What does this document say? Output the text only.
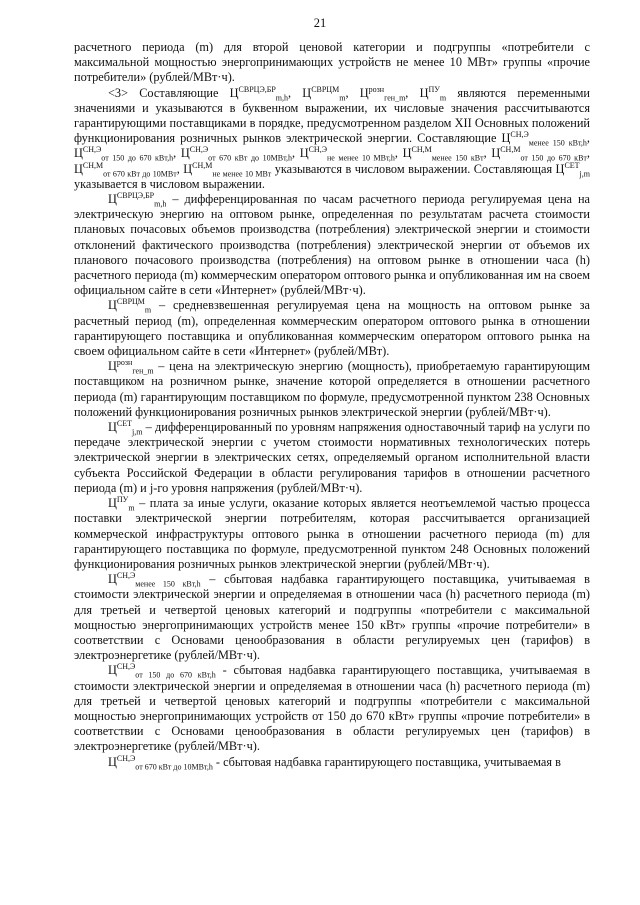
21

расчетного периода (m) для второй ценовой категории и подгруппы «потребители с максимальной мощностью энергопринимающих устройств не менее 10 МВт» группы «прочие потребители» (рублей/МВт·ч).

<3> Составляющие $Ц^{СВРЦЭ,БР}_{m,h}$, $Ц^{СВРЦМ}_m$, $Ц^{розн}_{ген\_m}$, $Ц^{ПУ}_m$ являются переменными значениями и указываются в буквенном выражении, их числовые значения рассчитываются гарантирующими поставщиками в порядке, предусмотренном разделом XII Основных положений функционирования розничных рынков электрической энергии. Составляющие $Ц^{СН,Э}_{менее 150 кВт,h}$, $Ц^{СН,Э}_{от 150 до 670 кВт,h}$, $Ц^{СН,Э}_{от 670 кВт до 10МВт,h}$, $Ц^{СН,Э}_{не менее 10 МВт,h}$, $Ц^{СН,М}_{менее 150 кВт}$, $Ц^{СН,М}_{от 150 до 670 кВт}$, $Ц^{СН,М}_{от 670 кВт до 10МВт}$, $Ц^{СН,М}_{не менее 10 МВт}$ указываются в числовом выражении. Составляющая $Ц^{СЕТ}_{j,m}$ указывается в числовом выражении.

$Ц^{СВРЦЭ,БР}_{m,h}$ – дифференцированная по часам расчетного периода регулируемая цена на электрическую энергию на оптовом рынке, определенная по результатам расчета стоимости плановых почасовых объемов производства (потребления) электрической энергии и стоимости отклонений фактического производства (потребления) электрической энергии от объемов их планового почасового производства (потребления) на оптовом рынке в отношении часа (h) расчетного периода (m) коммерческим оператором оптового рынка и опубликованная им на своем официальном сайте в сети «Интернет» (рублей/МВт·ч).

$Ц^{СВРЦМ}_m$ – средневзвешенная регулируемая цена на мощность на оптовом рынке за расчетный период (m), определенная коммерческим оператором оптового рынка в отношении гарантирующего поставщика и опубликованная коммерческим оператором оптового рынка на своем официальном сайте в сети «Интернет» (рублей/МВт).

$Ц^{розн}_{ген\_m}$ – цена на электрическую энергию (мощность), приобретаемую гарантирующим поставщиком на розничном рынке, значение которой определяется в отношении расчетного периода (m) гарантирующим поставщиком по формуле, предусмотренной пунктом 238 Основных положений функционирования розничных рынков электрической энергии (рублей/МВт·ч).

$Ц^{СЕТ}_{j,m}$ – дифференцированный по уровням напряжения одноставочный тариф на услуги по передаче электрической энергии с учетом стоимости нормативных технологических потерь электрической энергии в электрических сетях, определяемый органом исполнительной власти субъекта Российской Федерации в области регулирования тарифов в отношении расчетного периода (m) и j-го уровня напряжения (рублей/МВт·ч).

$Ц^{ПУ}_m$ – плата за иные услуги, оказание которых является неотъемлемой частью процесса поставки электрической энергии потребителям, которая рассчитывается организацией коммерческой инфраструктуры оптового рынка в отношении расчетного периода (m) для гарантирующего поставщика по формуле, предусмотренной пунктом 248 Основных положений функционирования розничных рынков электрической энергии (рублей/МВт·ч).

$Ц^{СН,Э}_{менее 150 кВт,h}$ – сбытовая надбавка гарантирующего поставщика, учитываемая в стоимости электрической энергии и определяемая в отношении часа (h) расчетного периода (m) для третьей и четвертой ценовых категорий и подгруппы «потребители с максимальной мощностью энергопринимающих устройств менее 150 кВт» группы «прочие потребители» в соответствии с Основами ценообразования в области регулируемых цен (тарифов) в электроэнергетике (рублей/МВт·ч).

$Ц^{СН,Э}_{от 150 до 670 кВт,h}$ - сбытовая надбавка гарантирующего поставщика, учитываемая в стоимости электрической энергии и определяемая в отношении часа (h) расчетного периода (m) для третьей и четвертой ценовых категорий и подгруппы «потребители с максимальной мощностью энергопринимающих устройств от 150 до 670 кВт» группы «прочие потребители» в соответствии с Основами ценообразования в области регулируемых цен (тарифов) в электроэнергетике (рублей/МВт·ч).

$Ц^{СН,Э}_{от 670 кВт до 10МВт,h}$ - сбытовая надбавка гарантирующего поставщика, учитываемая в
